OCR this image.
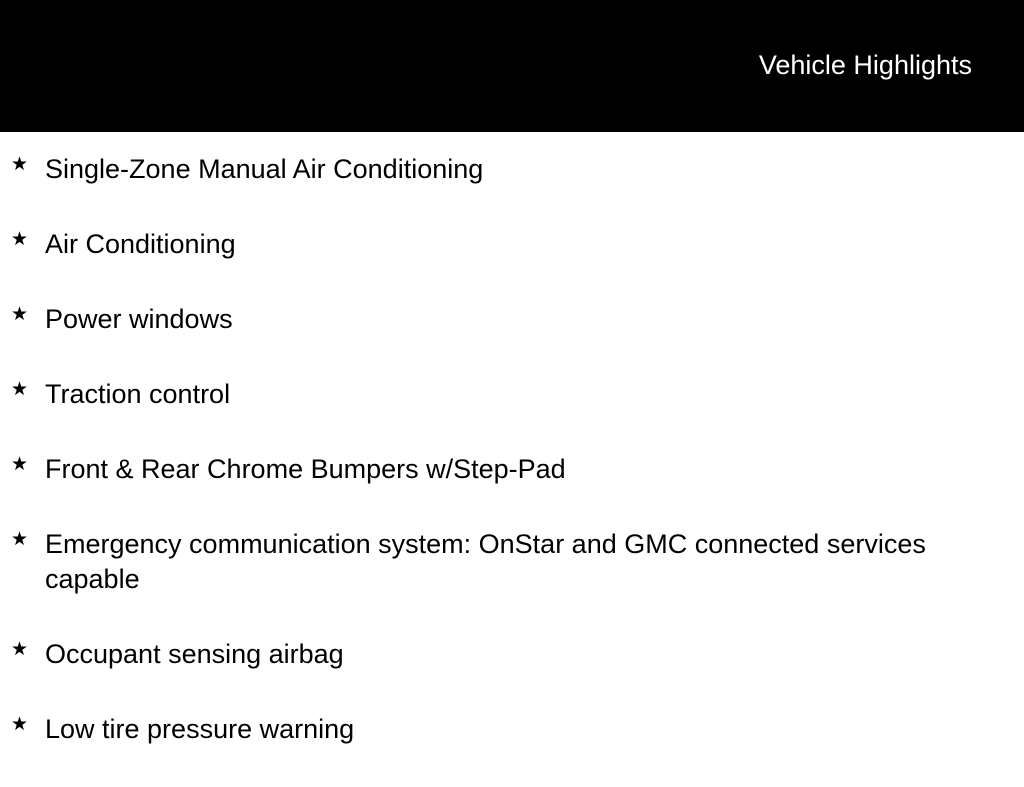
Vehicle Highlights
★ Single-Zone Manual Air Conditioning
★ Air Conditioning
★ Power windows
★ Traction control
★ Front & Rear Chrome Bumpers w/Step-Pad
★ Emergency communication system: OnStar and GMC connected services capable
★ Occupant sensing airbag
★ Low tire pressure warning
